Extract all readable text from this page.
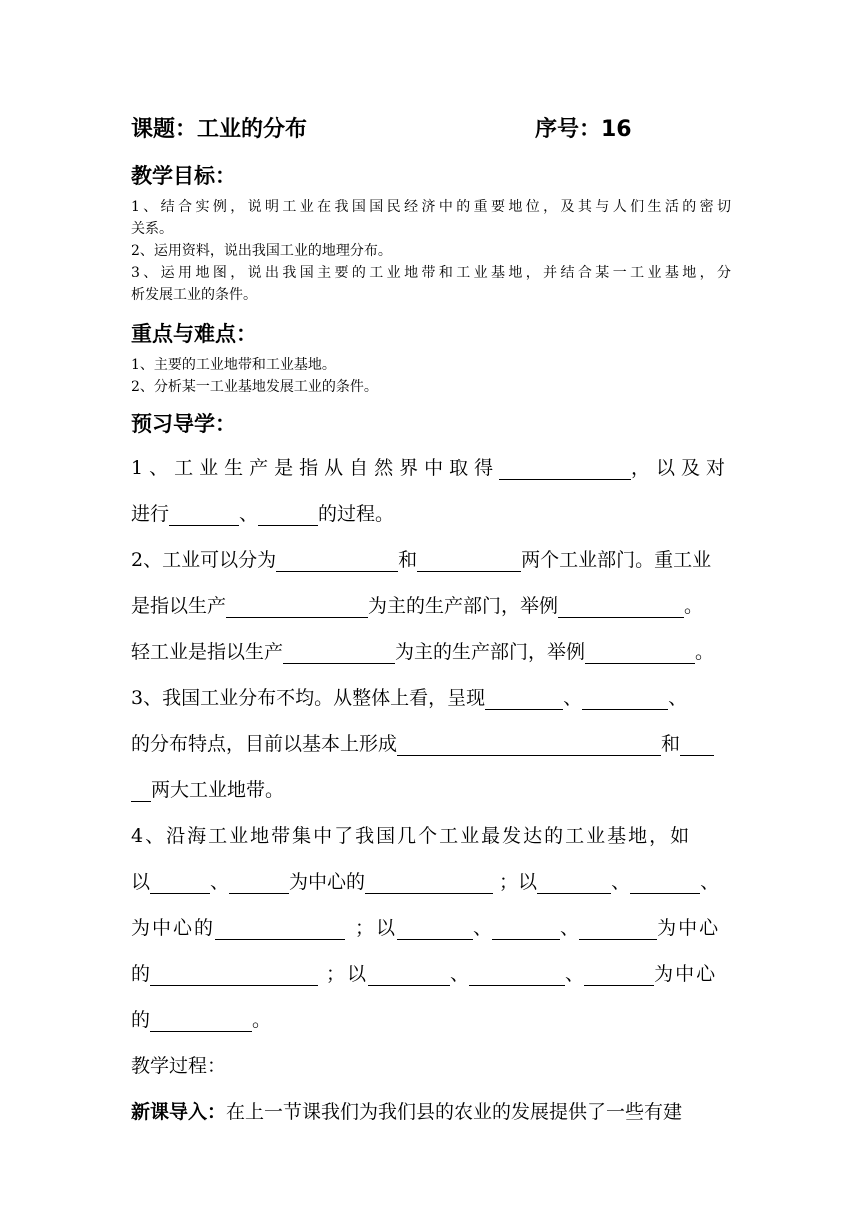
课题：工业的分布	序号：16
教学目标：
1、结合实例，说明工业在我国国民经济中的重要地位，及其与人们生活的密切
关系。
2、运用资料，说出我国工业的地理分布。
3、运用地图，说出我国主要的工业地带和工业基地，并结合某一工业基地，分
析发展工业的条件。
重点与难点：
1、主要的工业地带和工业基地。
2、分析某一工业基地发展工业的条件。
预习导学：
1、工业生产是指从自然界中取得	，以及对
进行	、	的过程。
2、工业可以分为	和	两个工业部门。重工业
是指以生产	为主的生产部门，举例	。
轻工业是指以生产	为主的生产部门，举例	。
3、我国工业分布不均。从整体上看，呈现	、	、
的分布特点，目前以基本上形成	和
两大工业地带。
4、沿海工业地带集中了我国几个工业最发达的工业基地，如
以	、	为中心的	；以	、	、
为中心的	；以	、	、	为中心
的	；以	、	、	为中心
的	。
教学过程：
新课导入： 在上一节课我们为我们县的农业的发展提供了一些有建
